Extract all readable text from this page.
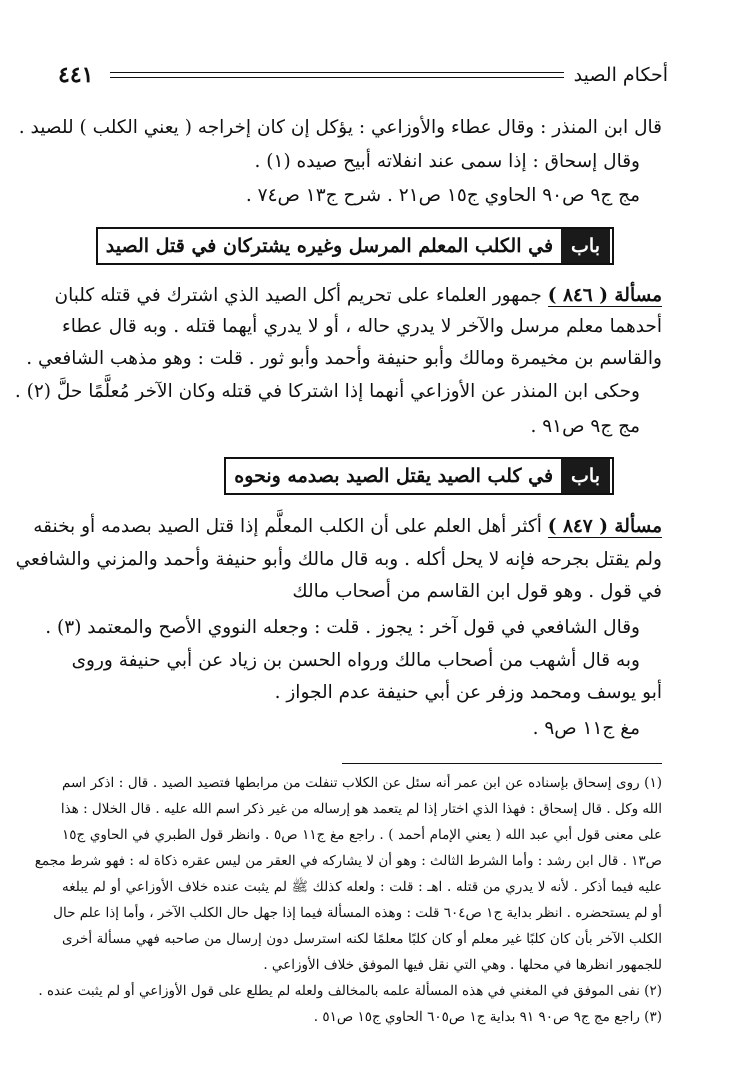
أحكام الصيد
٤٤١
قال ابن المنذر : وقال عطاء والأوزاعي : يؤكل إن كان إخراجه ( يعني الكلب ) للصيد .
وقال إسحاق : إذا سمى عند انفلاته أبيح صيده (١) .
مج ج٩ ص٩٠ الحاوي ج١٥ ص٢١ . شرح ج١٣ ص٧٤ .
باب
في الكلب المعلم المرسل وغيره يشتركان في قتل الصيد
مسألة ( ٨٤٦ ) جمهور العلماء على تحريم أكل الصيد الذي اشترك في قتله كلبان
أحدهما معلم مرسل والآخر لا يدري حاله ، أو لا يدري أيهما قتله . وبه قال عطاء
والقاسم بن مخيمرة ومالك وأبو حنيفة وأحمد وأبو ثور . قلت : وهو مذهب الشافعي .
وحكى ابن المنذر عن الأوزاعي أنهما إذا اشتركا في قتله وكان الآخر مُعلَّمًا حلَّ (٢) .
مج ج٩ ص٩١ .
باب
في كلب الصيد يقتل الصيد بصدمه ونحوه
مسألة ( ٨٤٧ ) أكثر أهل العلم على أن الكلب المعلَّم إذا قتل الصيد بصدمه أو بخنقه
ولم يقتل بجرحه فإنه لا يحل أكله . وبه قال مالك وأبو حنيفة وأحمد والمزني والشافعي
في قول . وهو قول ابن القاسم من أصحاب مالك
وقال الشافعي في قول آخر : يجوز . قلت : وجعله النووي الأصح والمعتمد (٣) .
وبه قال أشهب من أصحاب مالك ورواه الحسن بن زياد عن أبي حنيفة وروى
أبو يوسف ومحمد وزفر عن أبي حنيفة عدم الجواز .
مغ ج١١ ص٩ .
(١) روى إسحاق بإسناده عن ابن عمر أنه سئل عن الكلاب تنفلت من مرابطها فتصيد الصيد . قال : اذكر اسم
الله وكل . قال إسحاق : فهذا الذي اختار إذا لم يتعمد هو إرساله من غير ذكر اسم الله عليه . قال الخلال : هذا
على معنى قول أبي عبد الله ( يعني الإمام أحمد ) . راجع مغ ج١١ ص٥ . وانظر قول الطبري في الحاوي ج١٥
ص١٣ . قال ابن رشد : وأما الشرط الثالث : وهو أن لا يشاركه في العقر من ليس عقره ذكاة له : فهو شرط مجمع
عليه فيما أذكر . لأنه لا يدري من قتله . اهـ : قلت : ولعله كذلك ﷺ لم يثبت عنده خلاف الأوزاعي أو لم يبلغه
أو لم يستحضره . انظر بداية ج١ ص٦٠٤ قلت : وهذه المسألة فيما إذا جهل حال الكلب الآخر ، وأما إذا علم حال
الكلب الآخر بأن كان كلبًا غير معلم أو كان كلبًا معلمًا لكنه استرسل دون إرسال من صاحبه فهي مسألة أخرى
للجمهور انظرها في محلها . وهي التي نقل فيها الموفق خلاف الأوزاعي .
(٢) نفى الموفق في المغني في هذه المسألة علمه بالمخالف ولعله لم يطلع على قول الأوزاعي أو لم يثبت عنده .
(٣) راجع مج ج٩ ص٩٠ ٩١ بداية ج١ ص٦٠٥ الحاوي ج١٥ ص٥١ .
